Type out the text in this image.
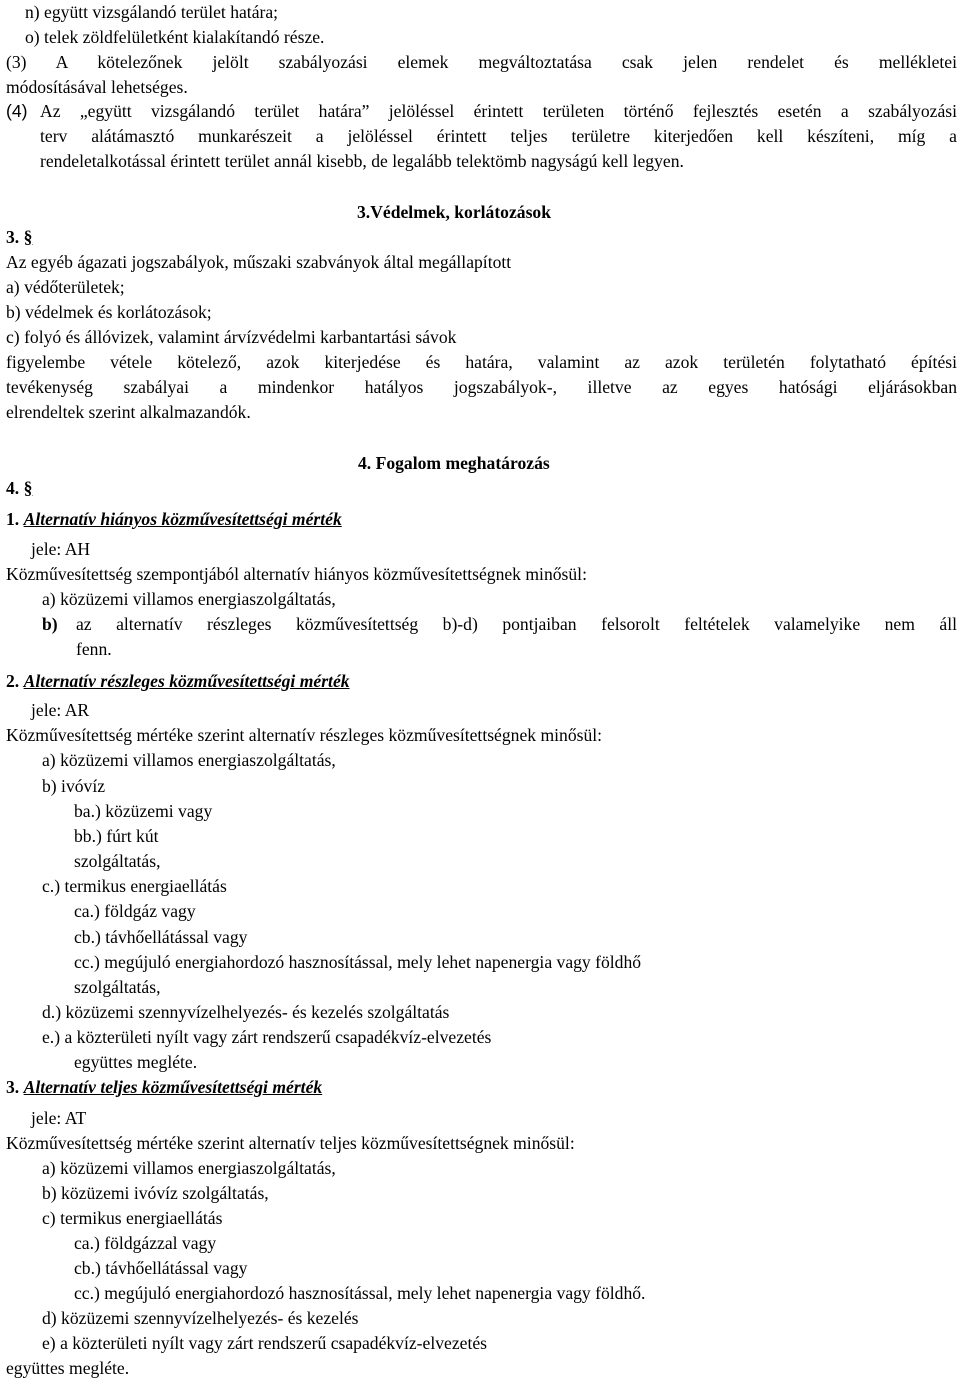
n) együtt vizsgálandó terület határa;
o) telek zöldfelületként kialakítandó része.
(3) A kötelezőnek jelölt szabályozási elemek megváltoztatása csak jelen rendelet és mellékletei
módosításával lehetséges.
(4) Az „együtt vizsgálandó terület határa” jelöléssel érintett területen történő fejlesztés esetén a szabályozási
terv alátámasztó munkarészeit a jelöléssel érintett teljes területre kiterjedően kell készíteni, míg a
rendeletalkotással érintett terület annál kisebb, de legalább telektömb nagyságú kell legyen.
3.Védelmek, korlátozások
3. §
Az egyéb ágazati jogszabályok, műszaki szabványok által megállapított
a) védőterületek;
b) védelmek és korlátozások;
c) folyó és állóvizek, valamint árvízvédelmi karbantartási sávok
figyelembe vétele kötelező, azok kiterjedése és határa, valamint az azok területén folytatható építési
tevékenység szabályai a mindenkor hatályos jogszabályok-, illetve az egyes hatósági eljárásokban
elrendeltek szerint alkalmazandók.
4. Fogalom meghatározás
4. §
1. Alternatív hiányos közművesítettségi mérték
jele: AH
Közművesítettség szempontjából alternatív hiányos közművesítettségnek minősül:
a) közüzemi villamos energiaszolgáltatás,
b) az alternatív részleges közművesítettség b)-d) pontjaiban felsorolt feltételek valamelyike nem áll
fenn.
2. Alternatív részleges közművesítettségi mérték
jele: AR
Közművesítettség mértéke szerint alternatív részleges közművesítettségnek minősül:
a) közüzemi villamos energiaszolgáltatás,
b) ivóvíz
ba.) közüzemi vagy
bb.) fúrt kút
szolgáltatás,
c.) termikus energiaellátás
ca.) földgáz vagy
cb.) távhőellátással vagy
cc.) megújuló energiahordozó hasznosítással, mely lehet napenergia vagy földhő
szolgáltatás,
d.) közüzemi szennyvízelhelyezés- és kezelés szolgáltatás
e.) a közterületi nyílt vagy zárt rendszerű csapadékvíz-elvezetés
együttes megléte.
3. Alternatív teljes közművesítettségi mérték
jele: AT
Közművesítettség mértéke szerint alternatív teljes közművesítettségnek minősül:
a) közüzemi villamos energiaszolgáltatás,
b) közüzemi ivóvíz szolgáltatás,
c) termikus energiaellátás
ca.) földgázzal vagy
cb.) távhőellátással vagy
cc.) megújuló energiahordozó hasznosítással, mely lehet napenergia vagy földhő.
d) közüzemi szennyvízelhelyezés- és kezelés
e) a közterületi nyílt vagy zárt rendszerű csapadékvíz-elvezetés
együttes megléte.
